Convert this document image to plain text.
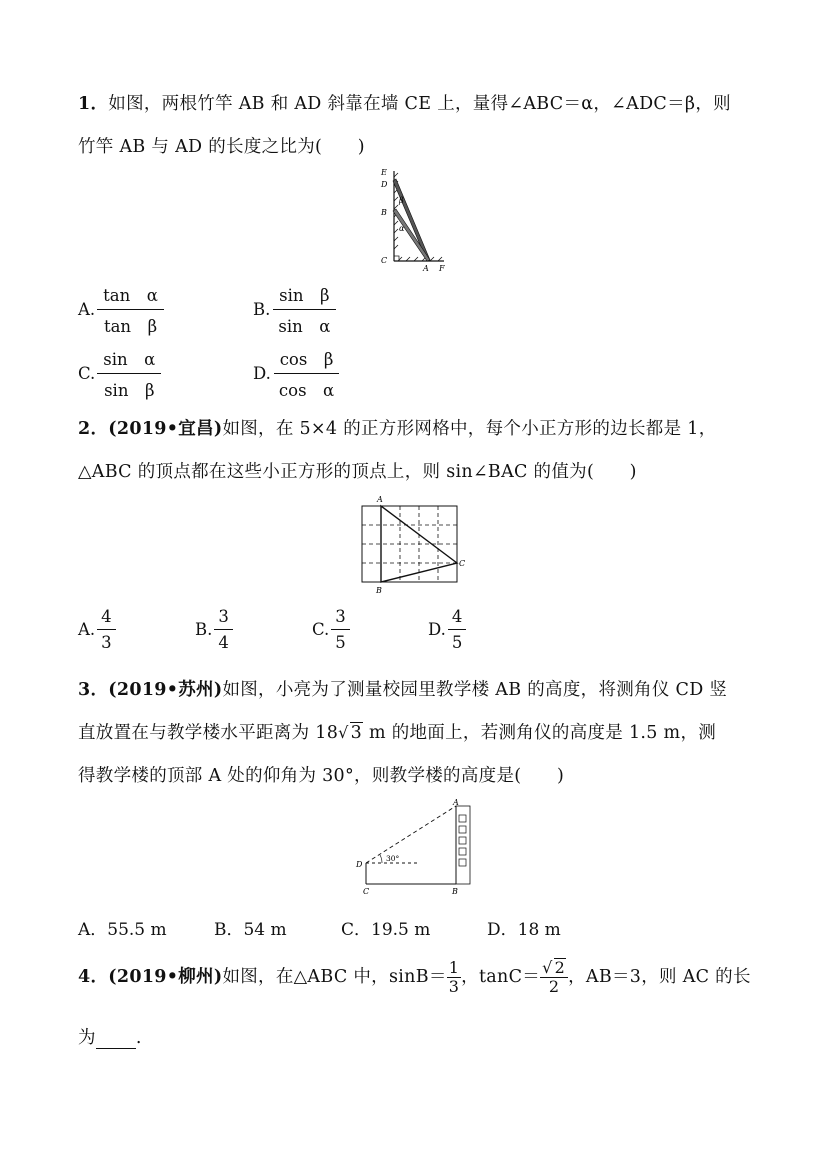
1．如图，两根竹竿 AB 和 AD 斜靠在墙 CE 上，量得∠ABC＝α，∠ADC＝β，则
竹竿 AB 与 AD 的长度之比为(　　)
E
D
B
C
A F
β
α
A. $\frac{\text{tan　α}}{\text{tan　β}}$	B. $\frac{\text{sin　β}}{\text{sin　α}}$
C. $\frac{\text{sin　α}}{\text{sin　β}}$	D. $\frac{\text{cos　β}}{\text{cos　α}}$
2．(2019•宜昌)如图，在 5×4 的正方形网格中，每个小正方形的边长都是 1，
△ABC 的顶点都在这些小正方形的顶点上，则 sin∠BAC 的值为(　　)
A
B
C
A. $\frac{4}{3}$	B. $\frac{3}{4}$	C. $\frac{3}{5}$	D. $\frac{4}{5}$
3．(2019•苏州)如图，小亮为了测量校园里教学楼 AB 的高度，将测角仪 CD 竖
直放置在与教学楼水平距离为 18√ 3 m 的地面上，若测角仪的高度是 1.5 m，测
得教学楼的顶部 A 处的仰角为 30°，则教学楼的高度是(　　)
D
C	B
A
30°
A．55.5 m	B．54 m	C．19.5 m	D．18 m
4．(2019•柳州)如图，在△ABC 中，$\sin B= \frac{1}{3}$ ，$\tan C= \frac{√ 2}{2}$ ，AB＝3，则 AC 的长
为 .
